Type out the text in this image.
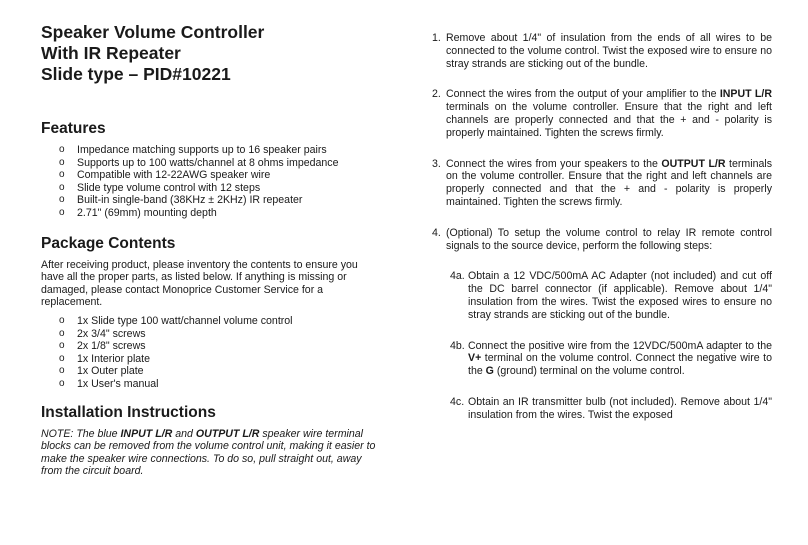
Speaker Volume Controller
With IR Repeater
Slide type – PID#10221
Features
o Impedance matching supports up to 16 speaker pairs
o Supports up to 100 watts/channel at 8 ohms impedance
o Compatible with 12-22AWG speaker wire
o Slide type volume control with 12 steps
o Built-in single-band (38KHz ± 2KHz) IR repeater
o 2.71" (69mm) mounting depth
Package Contents

After receiving product, please inventory the contents to ensure you have all the proper parts, as listed below. If anything is missing or damaged, please contact Monoprice Customer Service for a replacement.

o 1x Slide type 100 watt/channel volume control
o 2x 3/4" screws
o 2x 1/8" screws
o 1x Interior plate
o 1x Outer plate
o 1x User's manual
Installation Instructions

NOTE: The blue INPUT L/R and OUTPUT L/R speaker wire terminal blocks can be removed from the volume control unit, making it easier to make the speaker wire connections. To do so, pull straight out, away from the circuit board.

1. Remove about 1/4" of insulation from the ends of all wires to be connected to the volume control. Twist the exposed wire to ensure no stray strands are sticking out of the bundle.
2. Connect the wires from the output of your amplifier to the INPUT L/R terminals on the volume controller. Ensure that the right and left channels are properly connected and that the + and - polarity is properly maintained. Tighten the screws firmly.
3. Connect the wires from your speakers to the OUTPUT L/R terminals on the volume controller. Ensure that the right and left channels are properly connected and that the + and - polarity is properly maintained. Tighten the screws firmly.
4. (Optional) To setup the volume control to relay IR remote control signals to the source device, perform the following steps:
4a. Obtain a 12 VDC/500mA AC Adapter (not included) and cut off the DC barrel connector (if applicable). Remove about 1/4" insulation from the wires. Twist the exposed wires to ensure no stray strands are sticking out of the bundle.
4b. Connect the positive wire from the 12VDC/500mA adapter to the V+ terminal on the volume control. Connect the negative wire to the G (ground) terminal on the volume control.
4c. Obtain an IR transmitter bulb (not included). Remove about 1/4" insulation from the wires. Twist the exposed
